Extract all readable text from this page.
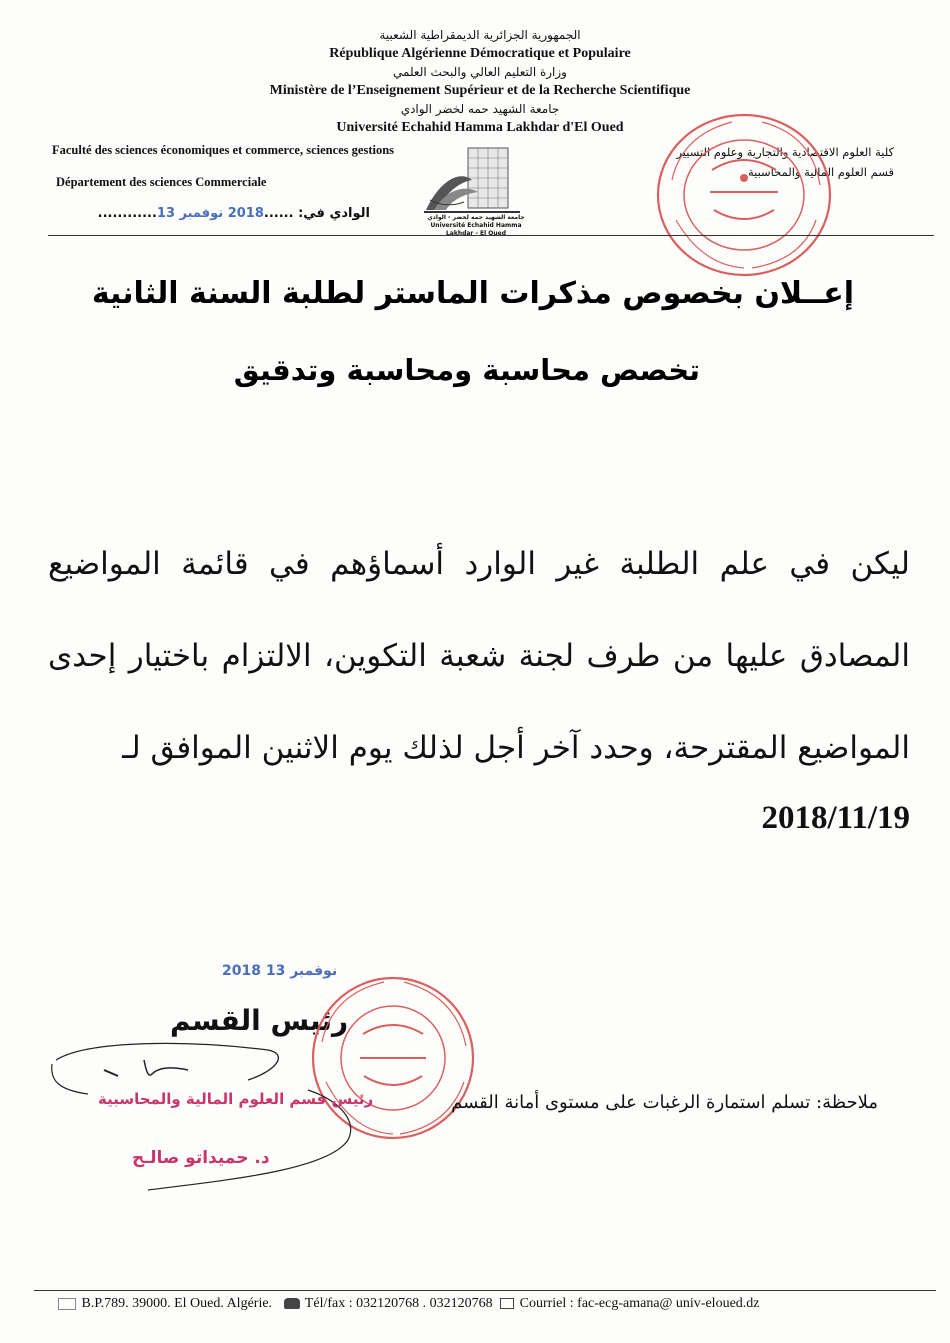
الجمهورية الجزائرية الديمقراطية الشعبية
République Algérienne Démocratique et Populaire
وزارة التعليم العالي والبحث العلمي
Ministère de l’Enseignement Supérieur et de la Recherche Scientifique
جامعة الشهيد حمه لخضر الوادي
Université Echahid Hamma Lakhdar d'El Oued
Faculté des sciences économiques et commerce, sciences gestions
Département des sciences Commerciale
كلية العلوم الاقتصادية والتجارية وعلوم التسيير
قسم العلوم المالية والمحاسبية
الوادي في: ......2018 نوفمبر 13............	جامعة الشهيد حمه لخضر - الوادي
Université Echahid Hamma Lakhdar - El Oued
إعــلان بخصوص مذكرات الماستر لطلبة السنة الثانية
تخصص محاسبة ومحاسبة وتدقيق
ليكن في علم الطلبة غير الوارد أسماؤهم في قائمة المواضيع المصادق عليها من طرف لجنة شعبة التكوين، الالتزام باختيار إحدى المواضيع المقترحة، وحدد آخر أجل لذلك يوم الاثنين الموافق لـ
2018/11/19
2018 نوفمبر 13
رئيس القسم
رئيس قسم العلوم المالية والمحاسبية
د. حميداتو صالـح
ملاحظة: تسلم استمارة الرغبات على مستوى أمانة القسم
B.P.789. 39000. El Oued. Algérie. Tél/fax : 032120768 . 032120768 Courriel : fac-ecg-amana@ univ-eloued.dz
